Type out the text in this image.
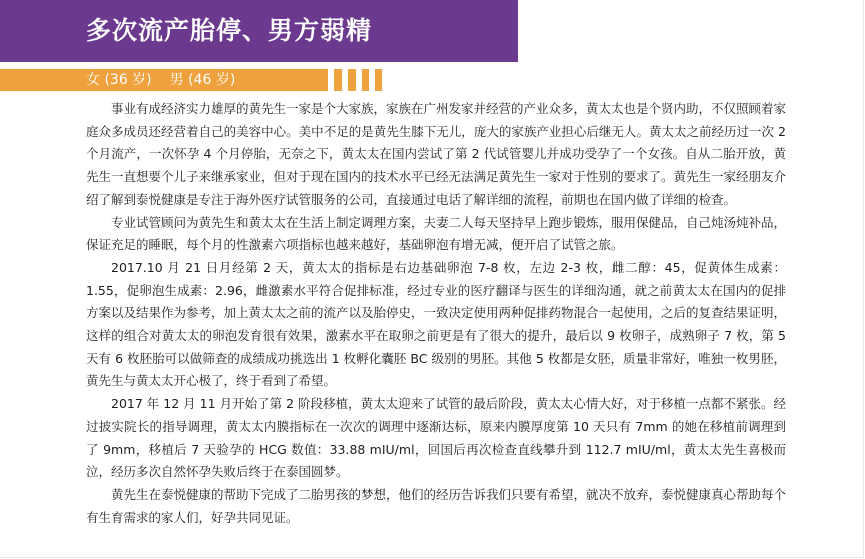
多次流产胎停、男方弱精
女 (36 岁) 男 (46 岁)

事业有成经济实力雄厚的黄先生一家是个大家族，家族在广州发家并经营的产业众多，黄太太也是个贤内助，不仅照顾着家庭众多成员还经营着自己的美容中心。美中不足的是黄先生膝下无儿，庞大的家族产业担心后继无人。黄太太之前经历过一次 2 个月流产，一次怀孕 4 个月停胎，无奈之下，黄太太在国内尝试了第 2 代试管婴儿并成功受孕了一个女孩。自从二胎开放，黄先生一直想要个儿子来继承家业，但对于现在国内的技术水平已经无法满足黄先生一家对于性别的要求了。黄先生一家经朋友介绍了解到泰悦健康是专注于海外医疗试管服务的公司，直接通过电话了解详细的流程，前期也在国内做了详细的检查。

专业试管顾问为黄先生和黄太太在生活上制定调理方案，夫妻二人每天坚持早上跑步锻炼，服用保健品，自己炖汤炖补品，保证充足的睡眠，每个月的性激素六项指标也越来越好，基础卵泡有增无减，便开启了试管之旅。

2017.10 月 21 日月经第 2 天，黄太太的指标是右边基础卵泡 7-8 枚，左边 2-3 枚，雌二醇：45，促黄体生成素：1.55，促卵泡生成素：2.96，雌激素水平符合促排标准，经过专业的医疗翻译与医生的详细沟通，就之前黄太太在国内的促排方案以及结果作为参考，加上黄太太之前的流产以及胎停史，一致决定使用两种促排药物混合一起使用，之后的复查结果证明，这样的组合对黄太太的卵泡发育很有效果，激素水平在取卵之前更是有了很大的提升，最后以 9 枚卵子，成熟卵子 7 枚，第 5 天有 6 枚胚胎可以做筛查的成绩成功挑选出 1 枚孵化囊胚 BC 级别的男胚。其他 5 枚都是女胚，质量非常好，唯独一枚男胚，黄先生与黄太太开心极了，终于看到了希望。

2017 年 12 月 11 月开始了第 2 阶段移植，黄太太迎来了试管的最后阶段，黄太太心情大好，对于移植一点都不紧张。经过披实院长的指导调理，黄太太内膜指标在一次次的调理中逐渐达标，原来内膜厚度第 10 天只有 7mm 的她在移植前调理到了 9mm，移植后 7 天验孕的 HCG 数值：33.88 mIU/ml，回国后再次检查直线攀升到 112.7 mIU/ml，黄太太先生喜极而泣，经历多次自然怀孕失败后终于在泰国圆梦。

黄先生在泰悦健康的帮助下完成了二胎男孩的梦想，他们的经历告诉我们只要有希望，就决不放弃，泰悦健康真心帮助每个有生育需求的家人们，好孕共同见证。
